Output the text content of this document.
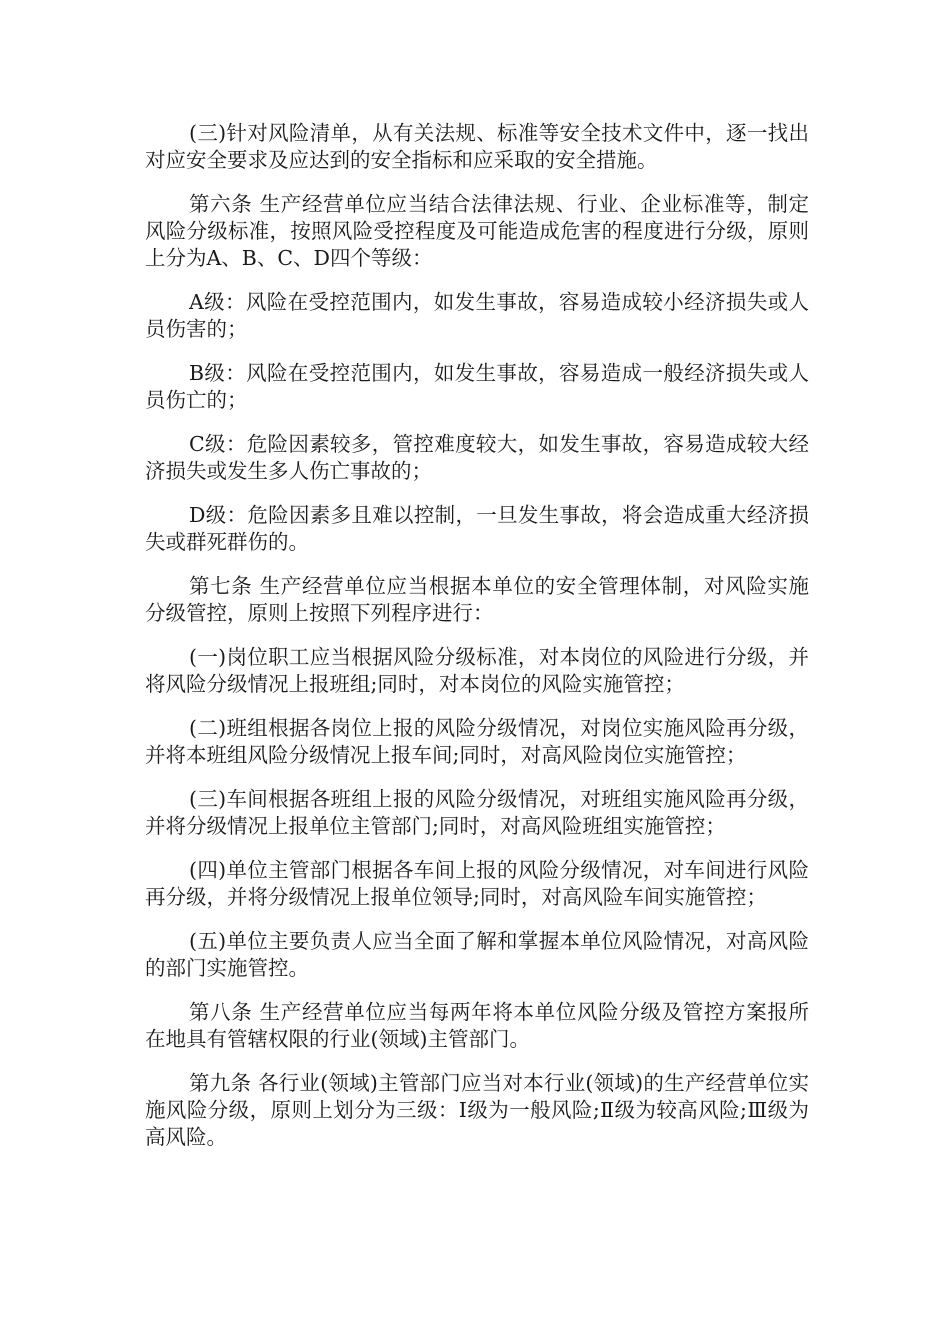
(三)针对风险清单，从有关法规、标准等安全技术文件中，逐一找出对应安全要求及应达到的安全指标和应采取的安全措施。

第六条 生产经营单位应当结合法律法规、行业、企业标准等，制定风险分级标准，按照风险受控程度及可能造成危害的程度进行分级，原则上分为A、B、C、D四个等级：

A级：风险在受控范围内，如发生事故，容易造成较小经济损失或人员伤害的；

B级：风险在受控范围内，如发生事故，容易造成一般经济损失或人员伤亡的；

C级：危险因素较多，管控难度较大，如发生事故，容易造成较大经济损失或发生多人伤亡事故的；

D级：危险因素多且难以控制，一旦发生事故，将会造成重大经济损失或群死群伤的。

第七条 生产经营单位应当根据本单位的安全管理体制，对风险实施分级管控，原则上按照下列程序进行：

(一)岗位职工应当根据风险分级标准，对本岗位的风险进行分级，并将风险分级情况上报班组;同时，对本岗位的风险实施管控；

(二)班组根据各岗位上报的风险分级情况，对岗位实施风险再分级，并将本班组风险分级情况上报车间;同时，对高风险岗位实施管控；

(三)车间根据各班组上报的风险分级情况，对班组实施风险再分级，并将分级情况上报单位主管部门;同时，对高风险班组实施管控；

(四)单位主管部门根据各车间上报的风险分级情况，对车间进行风险再分级，并将分级情况上报单位领导;同时，对高风险车间实施管控；

(五)单位主要负责人应当全面了解和掌握本单位风险情况，对高风险的部门实施管控。

第八条 生产经营单位应当每两年将本单位风险分级及管控方案报所在地具有管辖权限的行业(领域)主管部门。

第九条 各行业(领域)主管部门应当对本行业(领域)的生产经营单位实施风险分级，原则上划分为三级：Ⅰ级为一般风险;Ⅱ级为较高风险;Ⅲ级为高风险。
